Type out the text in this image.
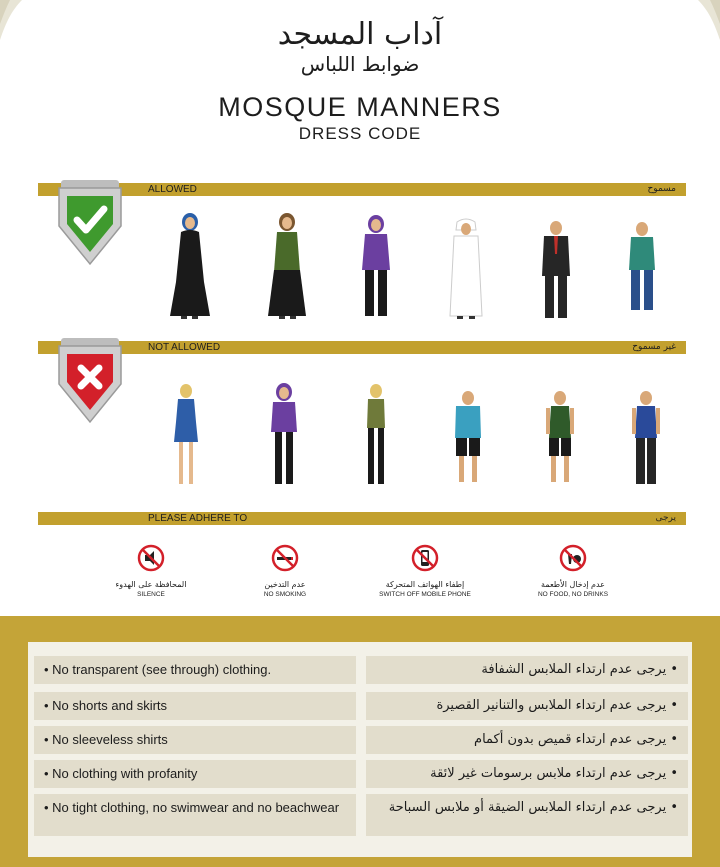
آداب المسجد
ضوابط اللباس
MOSQUE MANNERS
DRESS CODE
ALLOWED	مسموح
NOT ALLOWED	غير مسموح
PLEASE ADHERE TO	يرجى
المحافظة على الهدوء
SILENCE
عدم التدخين
NO SMOKING
إطفاء الهواتف المتحركة
SWITCH OFF MOBILE PHONE
عدم إدخال الأطعمة
NO FOOD, NO DRINKS
• No transparent (see through) clothing.	• يرجى عدم ارتداء الملابس الشفافة
• No shorts and skirts	• يرجى عدم ارتداء الملابس والتنانير القصيرة
• No sleeveless shirts	• يرجى عدم ارتداء قميص بدون أكمام
• No clothing with profanity	• يرجى عدم ارتداء ملابس برسومات غير لائقة
• No tight clothing, no swimwear and no beachwear	• يرجى عدم ارتداء الملابس الضيقة أو ملابس السباحة
